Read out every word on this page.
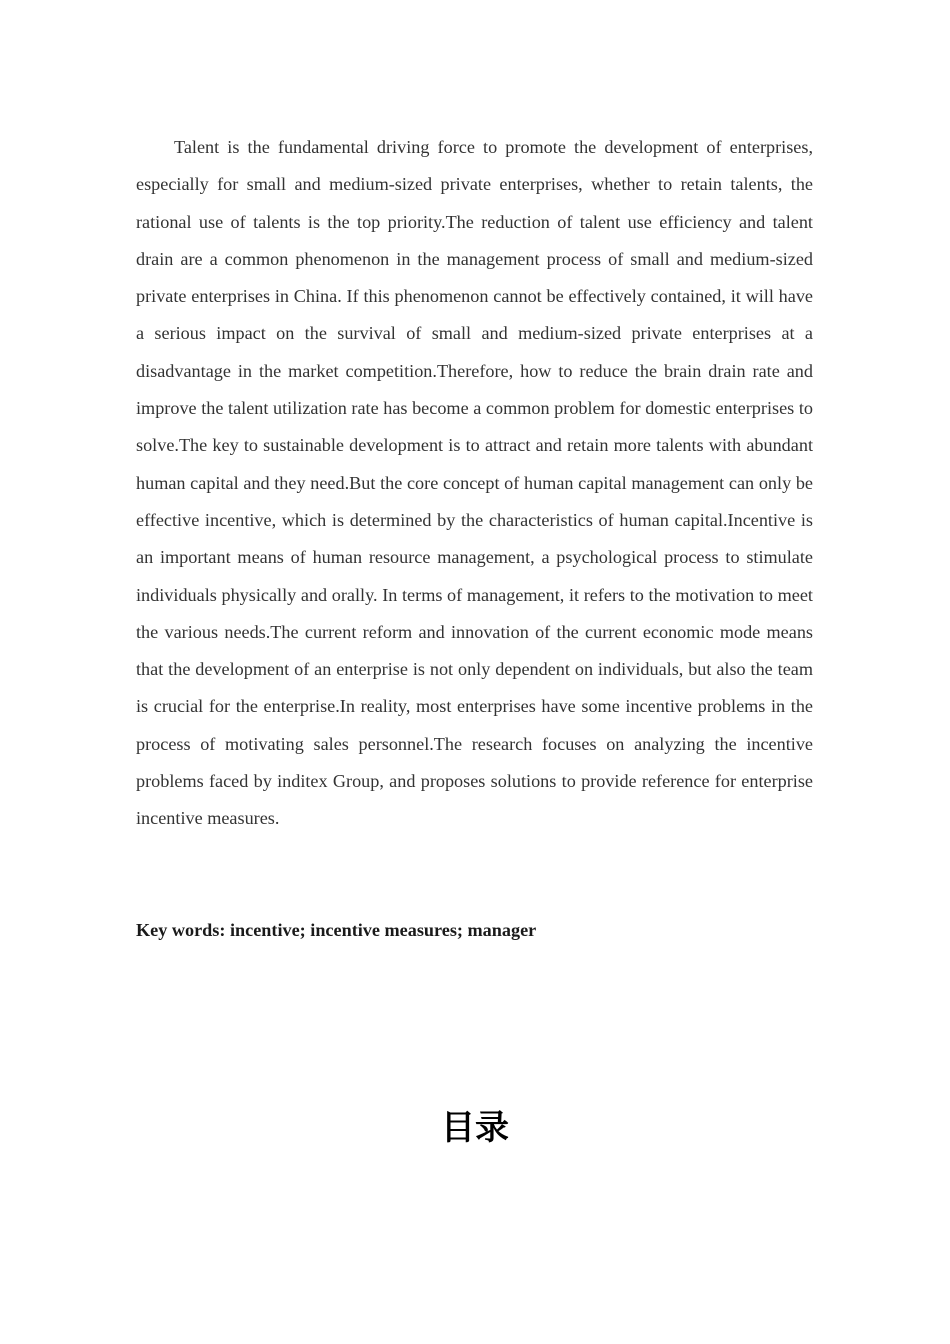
Talent is the fundamental driving force to promote the development of enterprises, especially for small and medium-sized private enterprises, whether to retain talents, the rational use of talents is the top priority.The reduction of talent use efficiency and talent drain are a common phenomenon in the management process of small and medium-sized private enterprises in China. If this phenomenon cannot be effectively contained, it will have a serious impact on the survival of small and medium-sized private enterprises at a disadvantage in the market competition.Therefore, how to reduce the brain drain rate and improve the talent utilization rate has become a common problem for domestic enterprises to solve.The key to sustainable development is to attract and retain more talents with abundant human capital and they need.But the core concept of human capital management can only be effective incentive, which is determined by the characteristics of human capital.Incentive is an important means of human resource management, a psychological process to stimulate individuals physically and orally. In terms of management, it refers to the motivation to meet the various needs.The current reform and innovation of the current economic mode means that the development of an enterprise is not only dependent on individuals, but also the team is crucial for the enterprise.In reality, most enterprises have some incentive problems in the process of motivating sales personnel.The research focuses on analyzing the incentive problems faced by inditex Group, and proposes solutions to provide reference for enterprise incentive measures.

Key words: incentive; incentive measures; manager

目录
